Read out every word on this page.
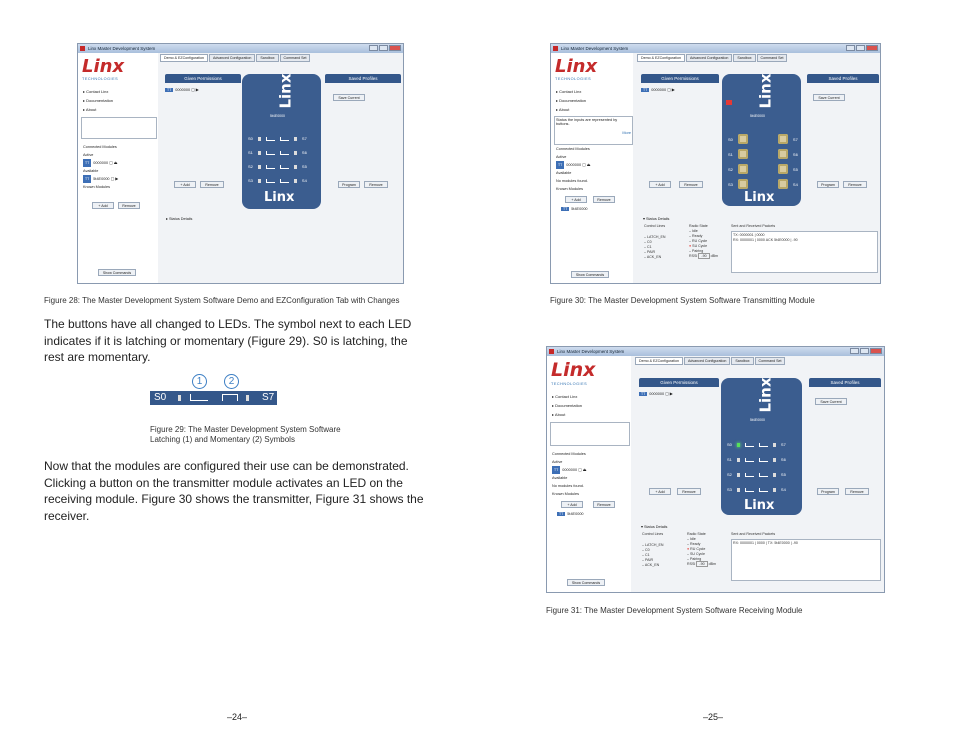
Linx Master Development System
Linx
TECHNOLOGIES
▸ Contact Linx
▸ Documentation
▸ About
Connected Modules
Active
TT 0000000 ▢ ⏏
Available
TT 5t4E0000 ▢ ▶
Known Modules
+ Add	Remove
Show Commands
Demo & EZConfiguration	Advanced Configuration	Sandbox	Command Set
Given Permissions
TT 0000000 ▢ ▶	Linx
5t4E0000
S0	S7
S1	S6
S2	S5
S3	S4
Linx
+ Add	Remove
Saved Profiles
Save Current
Program	Remove
▸ Status Details
Figure 28: The Master Development System Software Demo and EZConfiguration Tab with Changes
The buttons have all changed to LEDs. The symbol next to each LED indicates if it is latching or momentary (Figure 29). S0 is latching, the rest are momentary.
S0	S7
1	2
Figure 29: The Master Development System Software
Latching (1) and Momentary (2) Symbols
Now that the modules are configured their use can be demonstrated. Clicking a button on the transmitter module activates an LED on the receiving module. Figure 30 shows the transmitter, Figure 31 shows the receiver.
–24–
Linx Master Development System
Linx
TECHNOLOGIES
▸ Contact Linx
▸ Documentation
▸ About
Status the inputs are represented by buttons.
More
Connected Modules
Active
TT 0000000 ▢ ⏏
Available
No modules found.
Known Modules
+ Add	Remove
TT 5t4E0000
Show Commands
Demo & EZConfiguration	Advanced Configuration	Sandbox	Command Set
Given Permissions
TT 0000000 ▢ ▶	Linx
5t4E0000
S0	S7
S1	S6
S2	S5
S3	S4
Linx
+ Add	Remove
Saved Profiles
Save Current
Program	Remove
▾ Status Details
Control Lines
– LATCH_EN
– C0
– C1
– PAIR
– ACK_EN
Radio State
– Idle
– Ready
– RU Cycle
● SU Cycle
– Pairing
RSSI -90 dBm
Sent and Received Packets
TX: 0000001 | 0000
RX: 0000001 | 0000 ACK 5t4E0000 | -90
Figure 30: The Master Development System Software Transmitting Module
Linx Master Development System
Linx
TECHNOLOGIES
▸ Contact Linx
▸ Documentation
▸ About
Connected Modules
Active
TT 0000000 ▢ ⏏
Available
No modules found.
Known Modules
+ Add	Remove
TT 5t4E0000
Show Commands
Demo & EZConfiguration	Advanced Configuration	Sandbox	Command Set
Given Permissions
TT 0000000 ▢ ▶	Linx
5t4E0000
S0	S7
S1	S6
S2	S5
S3	S4
Linx
+ Add	Remove
Saved Profiles
Save Current
Program	Remove
▾ Status Details
Control Lines
– LATCH_EN
– C0
– C1
– PAIR
– ACK_EN
Radio State
– Idle
– Ready
● RU Cycle
– SU Cycle
– Pairing
RSSI -90 dBm
Sent and Received Packets
RX: 0000001 | 0000 | TX: 5t4E0000 | -90
Figure 31: The Master Development System Software Receiving Module
–25–
